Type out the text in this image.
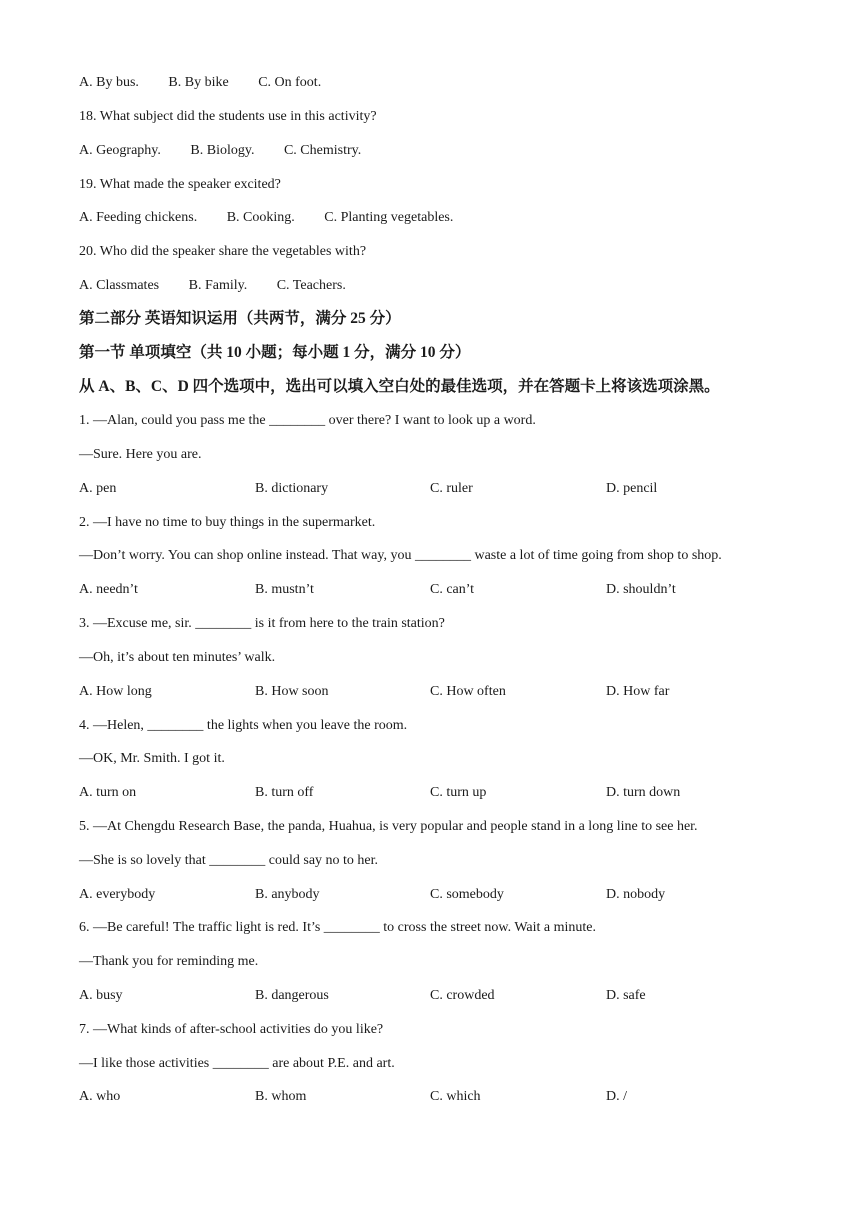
A. By bus. B. By bike C. On foot.
18. What subject did the students use in this activity?
A. Geography. B. Biology. C. Chemistry.
19. What made the speaker excited?
A. Feeding chickens. B. Cooking. C. Planting vegetables.
20. Who did the speaker share the vegetables with?
A. Classmates B. Family. C. Teachers.
第二部分 英语知识运用（共两节，满分 25 分）
第一节 单项填空（共 10 小题；每小题 1 分，满分 10 分）
从 A、B、C、D 四个选项中，选出可以填入空白处的最佳选项，并在答题卡上将该选项涂黑。
1. —Alan, could you pass me the ________ over there? I want to look up a word.
—Sure. Here you are.
A. pen	B. dictionary	C. ruler	D. pencil
2. —I have no time to buy things in the supermarket.
—Don’t worry. You can shop online instead. That way, you ________ waste a lot of time going from shop to shop.
A. needn’t	B. mustn’t	C. can’t	D. shouldn’t
3. —Excuse me, sir. ________ is it from here to the train station?
—Oh, it’s about ten minutes’ walk.
A. How long	B. How soon	C. How often	D. How far
4. —Helen, ________ the lights when you leave the room.
—OK, Mr. Smith. I got it.
A. turn on	B. turn off	C. turn up	D. turn down
5. —At Chengdu Research Base, the panda, Huahua, is very popular and people stand in a long line to see her.
—She is so lovely that ________ could say no to her.
A. everybody	B. anybody	C. somebody	D. nobody
6. —Be careful! The traffic light is red. It’s ________ to cross the street now. Wait a minute.
—Thank you for reminding me.
A. busy	B. dangerous	C. crowded	D. safe
7. —What kinds of after-school activities do you like?
—I like those activities ________ are about P.E. and art.
A. who	B. whom	C. which	D. /
